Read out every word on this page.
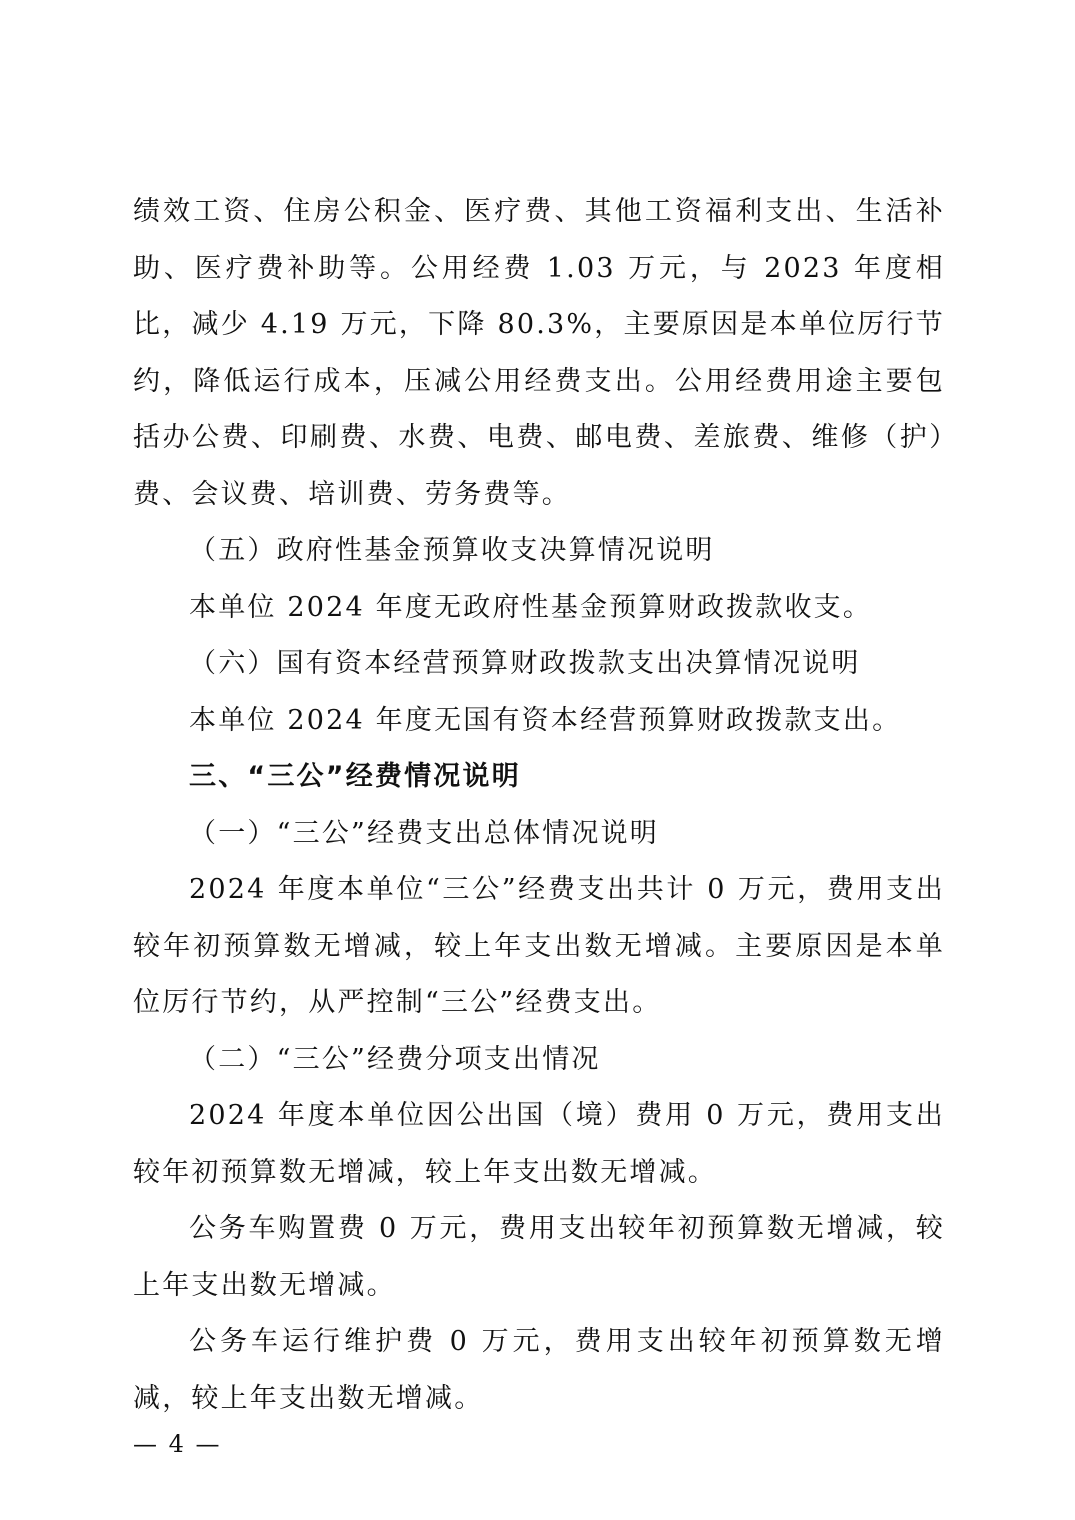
绩效工资、住房公积金、医疗费、其他工资福利支出、生活补助、医疗费补助等。公用经费 1.03 万元，与 2023 年度相比，减少 4.19 万元，下降 80.3%，主要原因是本单位厉行节约，降低运行成本，压减公用经费支出。公用经费用途主要包括办公费、印刷费、水费、电费、邮电费、差旅费、维修（护）费、会议费、培训费、劳务费等。

（五）政府性基金预算收支决算情况说明

本单位 2024 年度无政府性基金预算财政拨款收支。

（六）国有资本经营预算财政拨款支出决算情况说明

本单位 2024 年度无国有资本经营预算财政拨款支出。

三、“三公”经费情况说明

（一）“三公”经费支出总体情况说明

2024 年度本单位“三公”经费支出共计 0 万元，费用支出较年初预算数无增减，较上年支出数无增减。主要原因是本单位厉行节约，从严控制“三公”经费支出。

（二）“三公”经费分项支出情况

2024 年度本单位因公出国（境）费用 0 万元，费用支出较年初预算数无增减，较上年支出数无增减。

公务车购置费 0 万元，费用支出较年初预算数无增减，较上年支出数无增减。

公务车运行维护费 0 万元，费用支出较年初预算数无增减，较上年支出数无增减。

— 4 —
